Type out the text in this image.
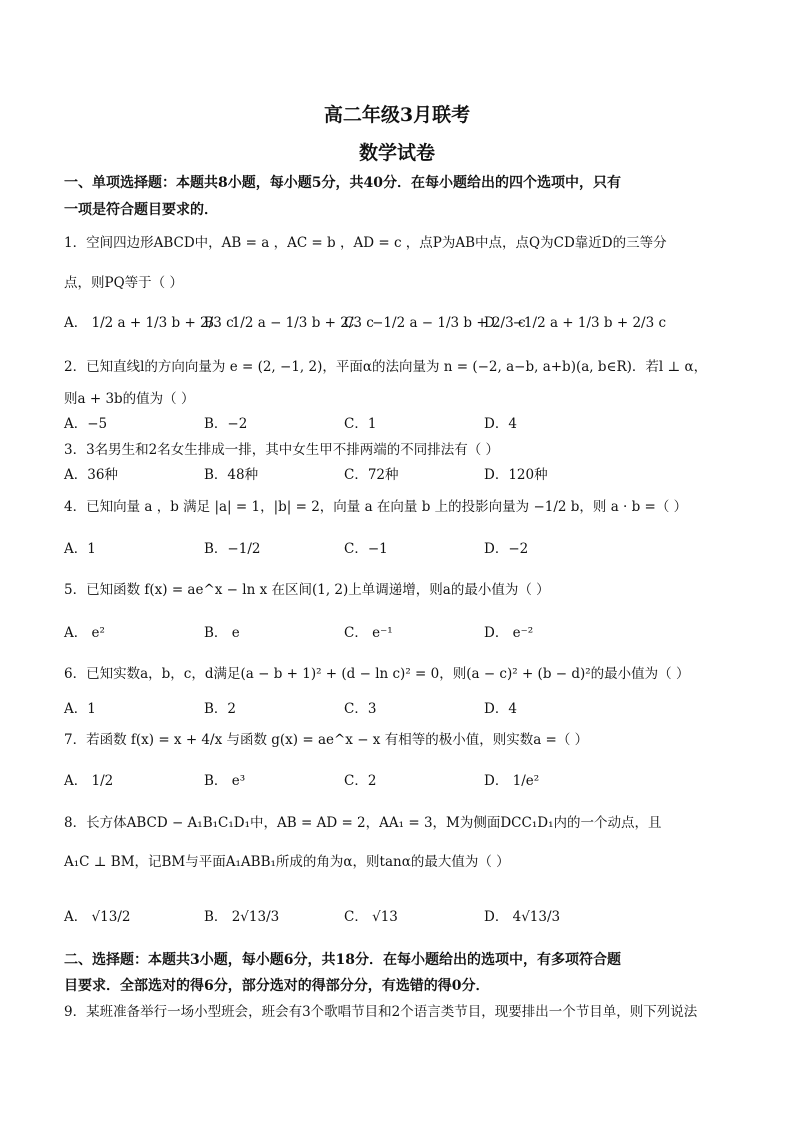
高二年级3月联考
数学试卷
一、单项选择题：本题共8小题，每小题5分，共40分．在每小题给出的四个选项中，只有
一项是符合题目要求的．
1．空间四边形ABCD中，AB = a ，AC = b ，AD = c ，点P为AB中点，点Q为CD靠近D的三等分
点，则PQ等于（ ）
A． 1/2 a + 1/3 b + 2/3 c
B． 1/2 a − 1/3 b + 2/3 c
C． −1/2 a − 1/3 b + 2/3 c
D． −1/2 a + 1/3 b + 2/3 c
2．已知直线l的方向向量为 e = (2, −1, 2)，平面α的法向量为 n = (−2, a−b, a+b)(a, b∈R)．若l ⊥ α，
则a + 3b的值为（ ）
A．−5	B．−2	C．1	D．4
3．3名男生和2名女生排成一排，其中女生甲不排两端的不同排法有（ ）
A．36种	B．48种	C．72种	D．120种
4．已知向量 a ，b 满足 |a| = 1，|b| = 2，向量 a 在向量 b 上的投影向量为 −1/2 b，则 a · b =（ ）
A．1	B．−1/2	C．−1	D．−2
5．已知函数 f(x) = ae^x − ln x 在区间(1, 2)上单调递增，则a的最小值为（ ）
A． e²	B． e	C． e⁻¹	D． e⁻²
6．已知实数a，b，c，d满足(a − b + 1)² + (d − ln c)² = 0，则(a − c)² + (b − d)²的最小值为（ ）
A．1	B．2	C．3	D．4
7．若函数 f(x) = x + 4/x 与函数 g(x) = ae^x − x 有相等的极小值，则实数a =（ ）
A． 1/2	B． e³	C．2	D． 1/e²
8．长方体ABCD − A₁B₁C₁D₁中，AB = AD = 2，AA₁ = 3，M为侧面DCC₁D₁内的一个动点，且
A₁C ⊥ BM，记BM与平面A₁ABB₁所成的角为α，则tanα的最大值为（ ）
A． √13/2	B． 2√13/3	C． √13	D． 4√13/3
二、选择题：本题共3小题，每小题6分，共18分．在每小题给出的选项中，有多项符合题
目要求．全部选对的得6分，部分选对的得部分分，有选错的得0分．
9．某班准备举行一场小型班会，班会有3个歌唱节目和2个语言类节目，现要排出一个节目单，则下列说法
